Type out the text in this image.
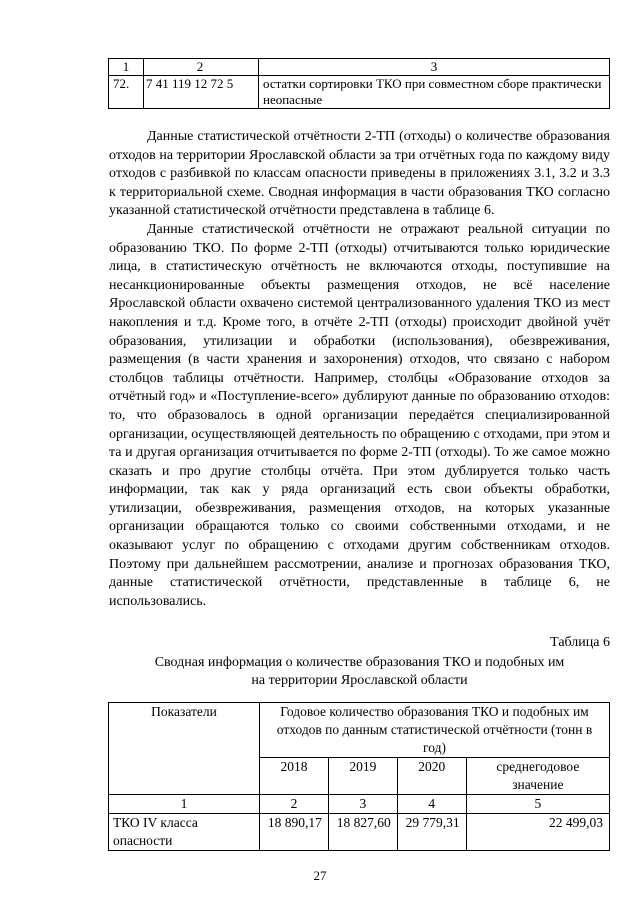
1	2	3
72.	7 41 119 12 72 5	остатки сортировки ТКО при совместном сборе практически неопасные

Данные статистической отчётности 2-ТП (отходы) о количестве образования отходов на территории Ярославской области за три отчётных года по каждому виду отходов с разбивкой по классам опасности приведены в приложениях 3.1, 3.2 и 3.3 к территориальной схеме. Сводная информация в части образования ТКО согласно указанной статистической отчётности представлена в таблице 6.

Данные статистической отчётности не отражают реальной ситуации по образованию ТКО. По форме 2-ТП (отходы) отчитываются только юридические лица, в статистическую отчётность не включаются отходы, поступившие на несанкционированные объекты размещения отходов, не всё население Ярославской области охвачено системой централизованного удаления ТКО из мест накопления и т.д. Кроме того, в отчёте 2-ТП (отходы) происходит двойной учёт образования, утилизации и обработки (использования), обезвреживания, размещения (в части хранения и захоронения) отходов, что связано с набором столбцов таблицы отчётности. Например, столбцы «Образование отходов за отчётный год» и «Поступление-всего» дублируют данные по образованию отходов: то, что образовалось в одной организации передаётся специализированной организации, осуществляющей деятельность по обращению с отходами, при этом и та и другая организация отчитывается по форме 2-ТП (отходы). То же самое можно сказать и про другие столбцы отчёта. При этом дублируется только часть информации, так как у ряда организаций есть свои объекты обработки, утилизации, обезвреживания, размещения отходов, на которых указанные организации обращаются только со своими собственными отходами, и не оказывают услуг по обращению с отходами другим собственникам отходов. Поэтому при дальнейшем рассмотрении, анализе и прогнозах образования ТКО, данные статистической отчётности, представленные в таблице 6, не использовались.

Таблица 6
Сводная информация о количестве образования ТКО и подобных им
на территории Ярославской области
Показатели	Годовое количество образования ТКО и подобных им отходов по данным статистической отчётности (тонн в год)			
	2018	2019	2020	среднегодовое значение
1	2	3	4	5
ТКО IV класса опасности	18 890,17	18 827,60	29 779,31	22 499,03
27
